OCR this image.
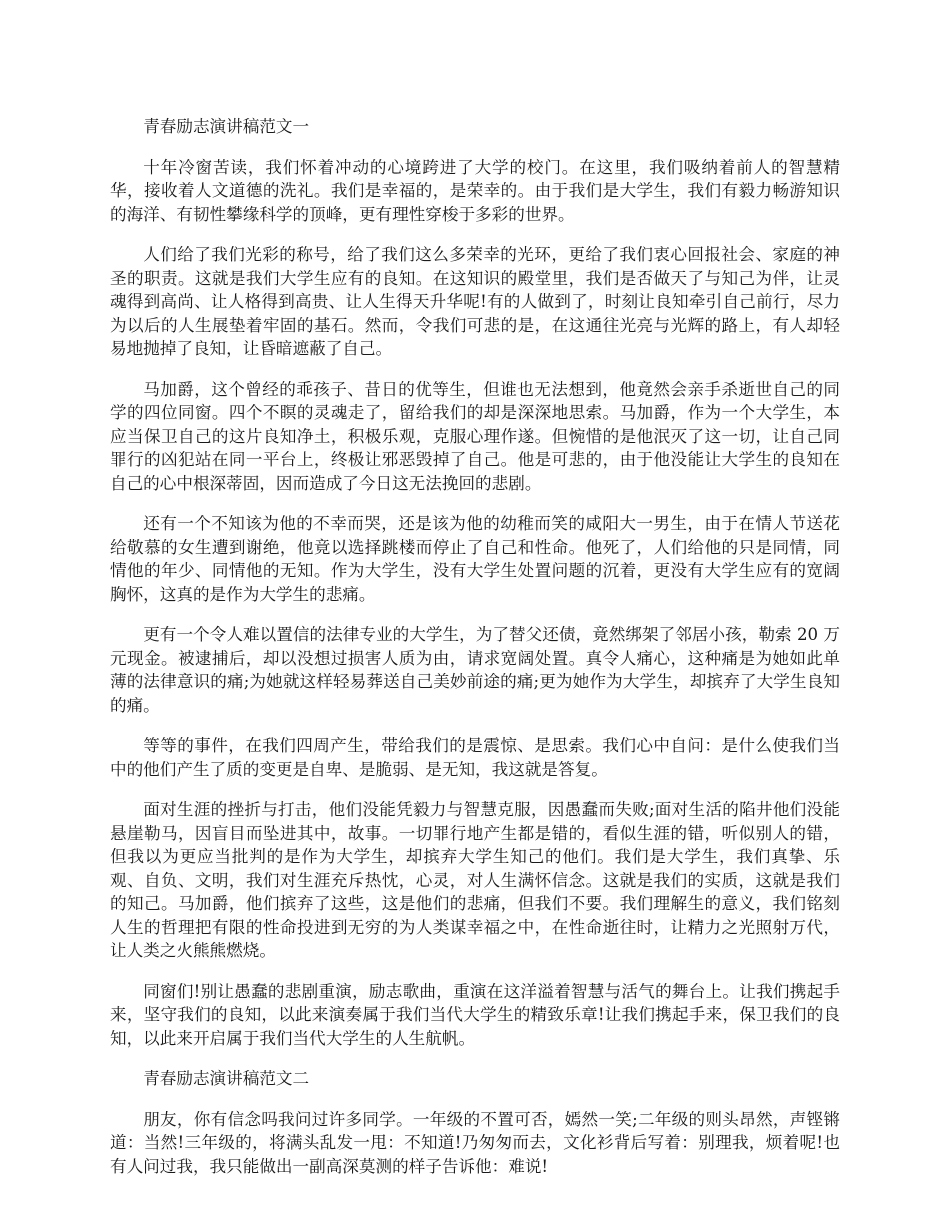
青春励志演讲稿范文一

十年冷窗苦读，我们怀着冲动的心境跨进了大学的校门。在这里，我们吸纳着前人的智慧精华，接收着人文道德的洗礼。我们是幸福的，是荣幸的。由于我们是大学生，我们有毅力畅游知识的海洋、有韧性攀缘科学的顶峰，更有理性穿梭于多彩的世界。

人们给了我们光彩的称号，给了我们这么多荣幸的光环，更给了我们衷心回报社会、家庭的神圣的职责。这就是我们大学生应有的良知。在这知识的殿堂里，我们是否做天了与知己为伴，让灵魂得到高尚、让人格得到高贵、让人生得天升华呢!有的人做到了，时刻让良知牵引自己前行，尽力为以后的人生展垫着牢固的基石。然而，令我们可悲的是，在这通往光亮与光辉的路上，有人却轻易地抛掉了良知，让昏暗遮蔽了自己。

马加爵，这个曾经的乖孩子、昔日的优等生，但谁也无法想到，他竟然会亲手杀逝世自己的同学的四位同窗。四个不瞑的灵魂走了，留给我们的却是深深地思索。马加爵，作为一个大学生，本应当保卫自己的这片良知净土，积极乐观，克服心理作遂。但惋惜的是他泯灭了这一切，让自己同罪行的凶犯站在同一平台上，终极让邪恶毁掉了自己。他是可悲的，由于他没能让大学生的良知在自己的心中根深蒂固，因而造成了今日这无法挽回的悲剧。

还有一个不知该为他的不幸而哭，还是该为他的幼稚而笑的咸阳大一男生，由于在情人节送花给敬慕的女生遭到谢绝，他竟以选择跳楼而停止了自己和性命。他死了，人们给他的只是同情，同情他的年少、同情他的无知。作为大学生，没有大学生处置问题的沉着，更没有大学生应有的宽阔胸怀，这真的是作为大学生的悲痛。

更有一个令人难以置信的法律专业的大学生，为了替父还债，竟然绑架了邻居小孩，勒索 20 万元现金。被逮捕后，却以没想过损害人质为由，请求宽阔处置。真令人痛心，这种痛是为她如此单薄的法律意识的痛;为她就这样轻易葬送自己美妙前途的痛;更为她作为大学生，却摈弃了大学生良知的痛。

等等的事件，在我们四周产生，带给我们的是震惊、是思索。我们心中自问：是什么使我们当中的他们产生了质的变更是自卑、是脆弱、是无知，我这就是答复。

面对生涯的挫折与打击，他们没能凭毅力与智慧克服，因愚蠢而失败;面对生活的陷井他们没能悬崖勒马，因盲目而坠进其中，故事。一切罪行地产生都是错的，看似生涯的错，听似别人的错，但我以为更应当批判的是作为大学生，却摈弃大学生知己的他们。我们是大学生，我们真挚、乐观、自负、文明，我们对生涯充斥热忱，心灵，对人生满怀信念。这就是我们的实质，这就是我们的知己。马加爵，他们摈弃了这些，这是他们的悲痛，但我们不要。我们理解生的意义，我们铭刻人生的哲理把有限的性命投进到无穷的为人类谋幸福之中，在性命逝往时，让精力之光照射万代，让人类之火熊熊燃烧。

同窗们!别让愚蠢的悲剧重演，励志歌曲，重演在这洋溢着智慧与活气的舞台上。让我们携起手来，坚守我们的良知，以此来演奏属于我们当代大学生的精致乐章!让我们携起手来，保卫我们的良知，以此来开启属于我们当代大学生的人生航帆。

青春励志演讲稿范文二

朋友，你有信念吗我问过许多同学。一年级的不置可否，嫣然一笑;二年级的则头昂然，声铿锵道：当然!三年级的，将满头乱发一甩：不知道!乃匆匆而去，文化衫背后写着：别理我，烦着呢!也有人问过我，我只能做出一副高深莫测的样子告诉他：难说!
